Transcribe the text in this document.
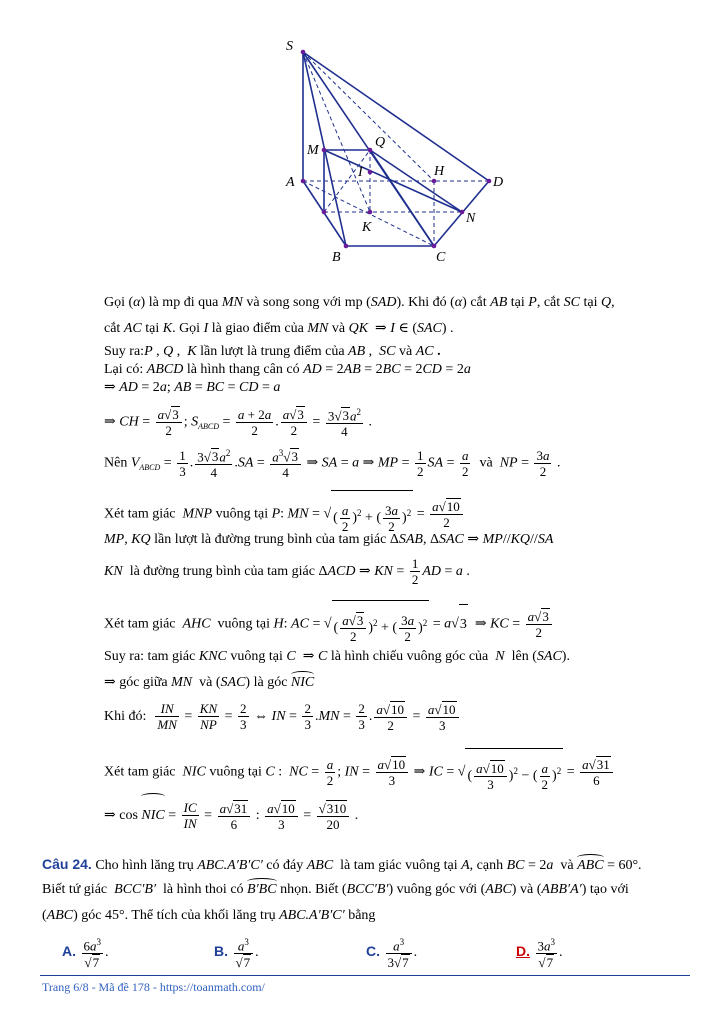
S
M
Q
I	H
A	D
N
K
B	C
Gọi (α) là mp đi qua MN và song song với mp (SAD). Khi đó (α) cắt AB tại P, cắt SC tại Q,
cắt AC tại K. Gọi I là giao điểm của MN và QK  ⇒ I ∈ (SAC) .
Suy ra:P , Q ,  K lần lượt là trung điểm của AB ,  SC và AC .
Lại có: ABCD là hình thang cân có AD = 2AB = 2BC = 2CD = 2a
⇒ AD = 2a; AB = BC = CD = a
⇒ CH = $\frac{a√3}{2}$ ; $S_{ABCD} = \frac{a + 2a}{2}$ . $\frac{a√3}{2} = \frac{3√3a^2}{4}$ .
Nên $V_{ABCD} = \frac{1}{3}$ . $\frac{3√3a^2}{4} .SA = \frac{a^3√3}{4}$ ⇒ SA = a ⇒ MP = $\frac{1}{2}$ SA = $\frac{a}{2}$ và NP = $\frac{3a}{2}$ .
Xét tam giác MNP vuông tại P: MN = √ ( $\frac{a}{2} )^2$ + ( $\frac{3a}{2} )^2 = \frac{a√10}{2}$
MP, KQ lần lượt là đường trung bình của tam giác ΔSAB, ΔSAC ⇒ MP//KQ//SA
KN là đường trung bình của tam giác ΔACD ⇒ KN = $\frac{1}{2}$ AD = a .
Xét tam giác AHC vuông tại H: AC = √ ( $\frac{a√3}{2} )^2$ + ( $\frac{3a}{2} )^2 = a√3$  ⇒ KC = $\frac{a√3}{2}$
Suy ra: tam giác KNC vuông tại C  ⇒ C là hình chiếu vuông góc của N lên (SAC).
⇒ góc giữa MN và (SAC) là góc NIC
Khi đó: $\frac{IN}{MN} = \frac{KN}{NP} = \frac{2}{3}$ ⇔ IN = $\frac{2}{3} .MN = \frac{2}{3}$ . $\frac{a√10}{2} = \frac{a√10}{3}$
Xét tam giác NIC vuông tại C :  NC = $\frac{a}{2}$ ; IN = $\frac{a√10}{3}$ ⇒ IC = √ ( $\frac{a√10}{3} )^2$ − ( $\frac{a}{2} )^2 = \frac{a√31}{6}$
⇒ cos NIC = $\frac{IC}{IN} = \frac{a√31}{6}$ : $\frac{a√10}{3} = \frac{√310}{20}$ .
Câu 24. Cho hình lăng trụ ABC.A′B′C′ có đáy ABC là tam giác vuông tại A, cạnh BC = 2a và ABC = 60°.
Biết tứ giác BCC′B′ là hình thoi có B′BC nhọn. Biết (BCC′B′) vuông góc với (ABC) và (ABB′A′) tạo với
(ABC) góc 45°. Thể tích của khối lăng trụ ABC.A′B′C′ bằng
A. $\frac{6a^3}{√7}$ .	B. $\frac{a^3}{√7}$ .	C. $\frac{a^3}{3√7}$ .	D. $\frac{3a^3}{√7}$ .
Trang 6/8 - Mã đề 178 - https://toanmath.com/
